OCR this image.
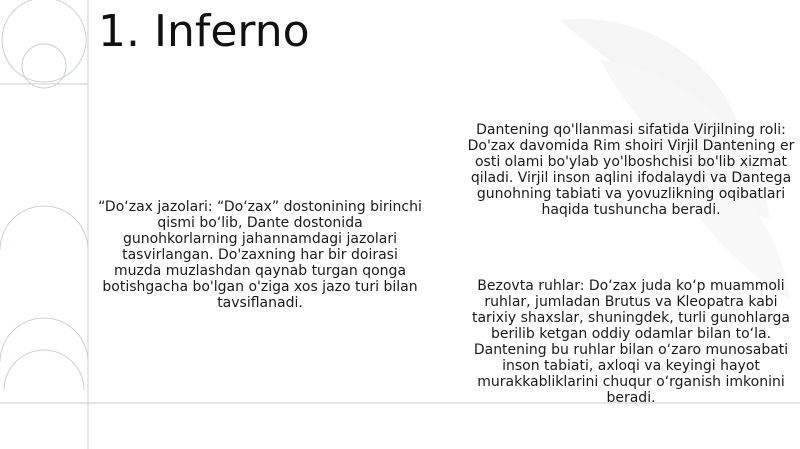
1. Inferno

“Do‘zax jazolari: “Do‘zax” dostonining birinchi qismi bo‘lib, Dante dostonida gunohkorlarning jahannamdagi jazolari tasvirlangan. Do'zaxning har bir doirasi muzda muzlashdan qaynab turgan qonga botishgacha bo'lgan o'ziga xos jazo turi bilan tavsiflanadi.

Dantening qo'llanmasi sifatida Virjilning roli: Do'zax davomida Rim shoiri Virjil Dantening er osti olami bo'ylab yo'lboshchisi bo'lib xizmat qiladi. Virjil inson aqlini ifodalaydi va Dantega gunohning tabiati va yovuzlikning oqibatlari haqida tushuncha beradi.

Bezovta ruhlar: Do‘zax juda ko‘p muammoli ruhlar, jumladan Brutus va Kleopatra kabi tarixiy shaxslar, shuningdek, turli gunohlarga berilib ketgan oddiy odamlar bilan to‘la. Dantening bu ruhlar bilan o‘zaro munosabati inson tabiati, axloqi va keyingi hayot murakkabliklarini chuqur o‘rganish imkonini beradi.
